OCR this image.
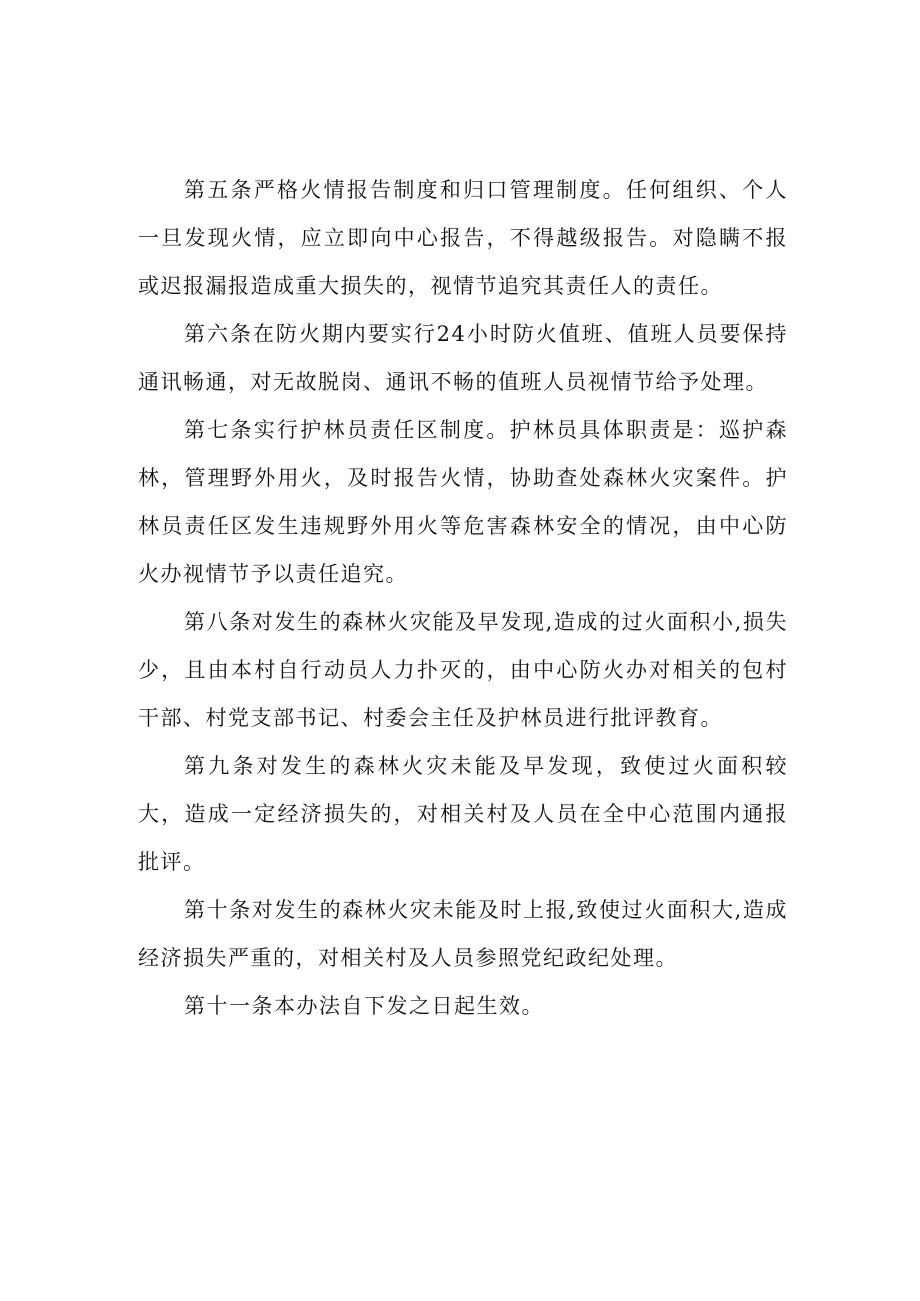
第五条严格火情报告制度和归口管理制度。任何组织、个人一旦发现火情，应立即向中心报告，不得越级报告。对隐瞒不报或迟报漏报造成重大损失的，视情节追究其责任人的责任。

第六条在防火期内要实行24小时防火值班、值班人员要保持通讯畅通，对无故脱岗、通讯不畅的值班人员视情节给予处理。

第七条实行护林员责任区制度。护林员具体职责是：巡护森林，管理野外用火，及时报告火情，协助查处森林火灾案件。护林员责任区发生违规野外用火等危害森林安全的情况，由中心防火办视情节予以责任追究。

第八条对发生的森林火灾能及早发现,造成的过火面积小,损失少，且由本村自行动员人力扑灭的，由中心防火办对相关的包村干部、村党支部书记、村委会主任及护林员进行批评教育。

第九条对发生的森林火灾未能及早发现，致使过火面积较大，造成一定经济损失的，对相关村及人员在全中心范围内通报批评。

第十条对发生的森林火灾未能及时上报,致使过火面积大,造成经济损失严重的，对相关村及人员参照党纪政纪处理。

第十一条本办法自下发之日起生效。
